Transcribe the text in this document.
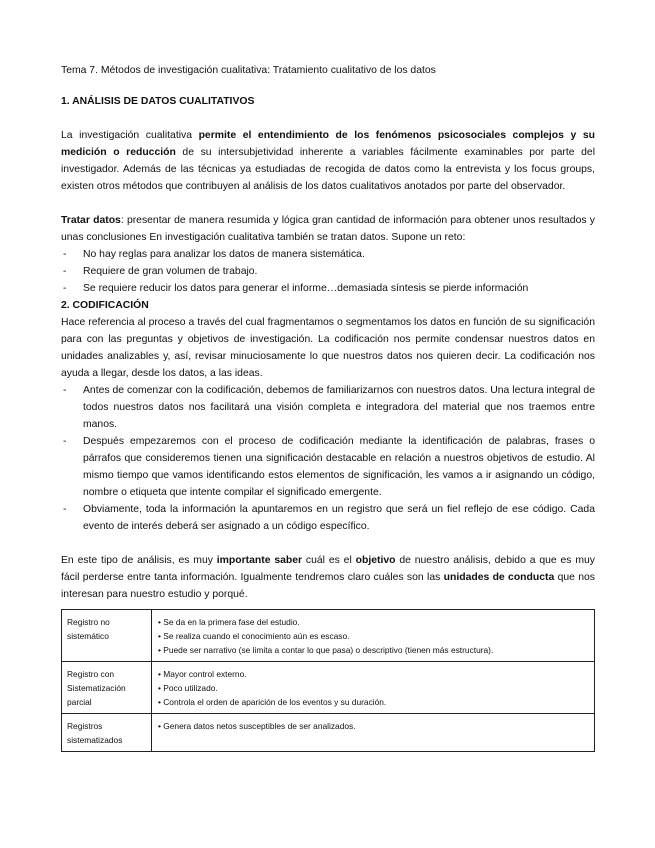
Tema 7. Métodos de investigación cualitativa: Tratamiento cualitativo de los datos

1. ANÁLISIS DE DATOS CUALITATIVOS

La investigación cualitativa permite el entendimiento de los fenómenos psicosociales complejos y su medición o reducción de su intersubjetividad inherente a variables fácilmente examinables por parte del investigador. Además de las técnicas ya estudiadas de recogida de datos como la entrevista y los focus groups, existen otros métodos que contribuyen al análisis de los datos cualitativos anotados por parte del observador.

Tratar datos: presentar de manera resumida y lógica gran cantidad de información para obtener unos resultados y unas conclusiones En investigación cualitativa también se tratan datos. Supone un reto:

- No hay reglas para analizar los datos de manera sistemática.
- Requiere de gran volumen de trabajo.
- Se requiere reducir los datos para generar el informe…demasiada síntesis se pierde información

2. CODIFICACIÓN

Hace referencia al proceso a través del cual fragmentamos o segmentamos los datos en función de su significación para con las preguntas y objetivos de investigación. La codificación nos permite condensar nuestros datos en unidades analizables y, así, revisar minuciosamente lo que nuestros datos nos quieren decir. La codificación nos ayuda a llegar, desde los datos, a las ideas.

- Antes de comenzar con la codificación, debemos de familiarizarnos con nuestros datos. Una lectura integral de todos nuestros datos nos facilitará una visión completa e integradora del material que nos traemos entre manos.
- Después empezaremos con el proceso de codificación mediante la identificación de palabras, frases o párrafos que consideremos tienen una significación destacable en relación a nuestros objetivos de estudio. Al mismo tiempo que vamos identificando estos elementos de significación, les vamos a ir asignando un código, nombre o etiqueta que intente compilar el significado emergente.
- Obviamente, toda la información la apuntaremos en un registro que será un fiel reflejo de ese código. Cada evento de interés deberá ser asignado a un código específico.

En este tipo de análisis, es muy importante saber cuál es el objetivo de nuestro análisis, debido a que es muy fácil perderse entre tanta información. Igualmente tendremos claro cuáles son las unidades de conducta que nos interesan para nuestro estudio y porqué.

Registro no sistemático	• Se da en la primera fase del estudio.
• Se realiza cuando el conocimiento aún es escaso.
• Puede ser narrativo (se limita a contar lo que pasa) o descriptivo (tienen más estructura).

Registro con Sistematización parcial	• Mayor control externo.
• Poco utilizado.
• Controla el orden de aparición de los eventos y su duración.

Registros sistematizados	• Genera datos netos susceptibles de ser analizados.
